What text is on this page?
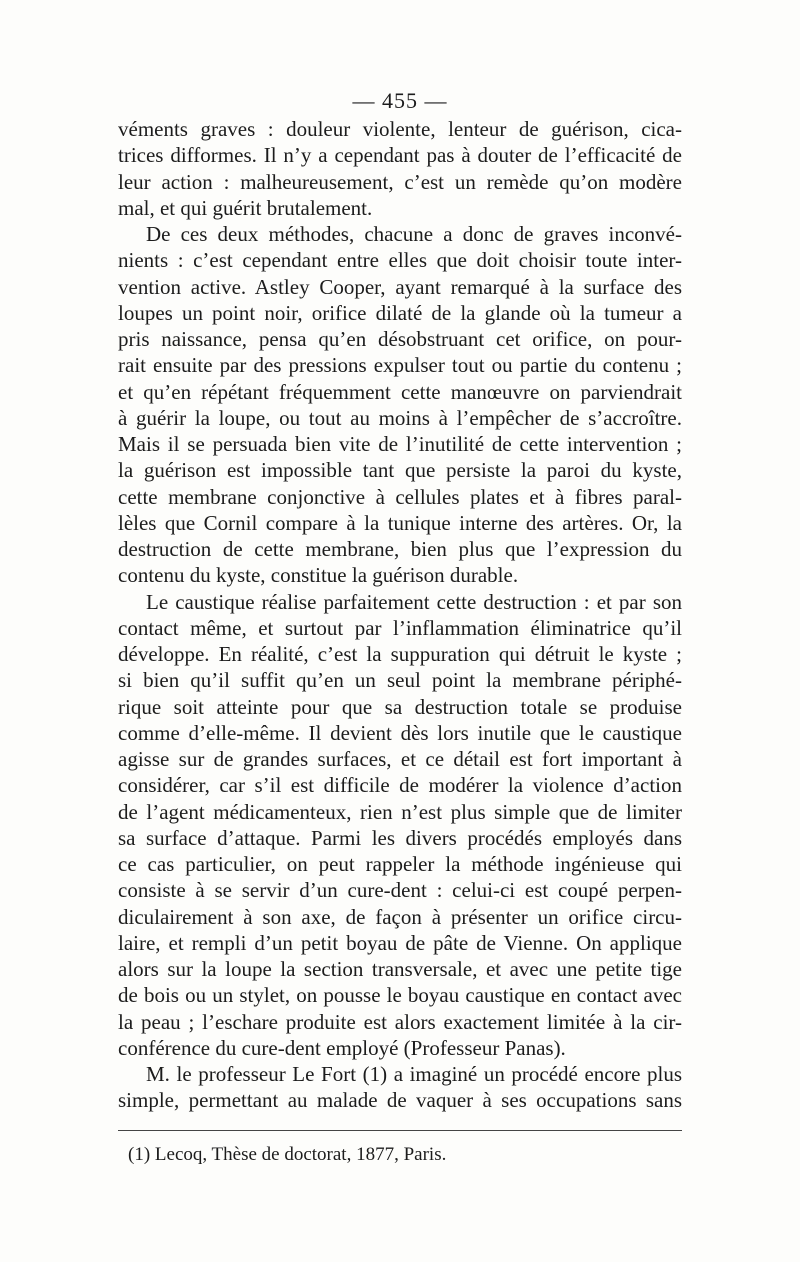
— 455 —
véments graves : douleur violente, lenteur de guérison, cica-
trices difformes. Il n’y a cependant pas à douter de l’efficacité de
leur action : malheureusement, c’est un remède qu’on modère
mal, et qui guérit brutalement.
De ces deux méthodes, chacune a donc de graves inconvé-
nients : c’est cependant entre elles que doit choisir toute inter-
vention active. Astley Cooper, ayant remarqué à la surface des
loupes un point noir, orifice dilaté de la glande où la tumeur a
pris naissance, pensa qu’en désobstruant cet orifice, on pour-
rait ensuite par des pressions expulser tout ou partie du contenu ;
et qu’en répétant fréquemment cette manœuvre on parviendrait
à guérir la loupe, ou tout au moins à l’empêcher de s’accroître.
Mais il se persuada bien vite de l’inutilité de cette intervention ;
la guérison est impossible tant que persiste la paroi du kyste,
cette membrane conjonctive à cellules plates et à fibres paral-
lèles que Cornil compare à la tunique interne des artères. Or, la
destruction de cette membrane, bien plus que l’expression du
contenu du kyste, constitue la guérison durable.
Le caustique réalise parfaitement cette destruction : et par son
contact même, et surtout par l’inflammation éliminatrice qu’il
développe. En réalité, c’est la suppuration qui détruit le kyste ;
si bien qu’il suffit qu’en un seul point la membrane périphé-
rique soit atteinte pour que sa destruction totale se produise
comme d’elle-même. Il devient dès lors inutile que le caustique
agisse sur de grandes surfaces, et ce détail est fort important à
considérer, car s’il est difficile de modérer la violence d’action
de l’agent médicamenteux, rien n’est plus simple que de limiter
sa surface d’attaque. Parmi les divers procédés employés dans
ce cas particulier, on peut rappeler la méthode ingénieuse qui
consiste à se servir d’un cure-dent : celui-ci est coupé perpen-
diculairement à son axe, de façon à présenter un orifice circu-
laire, et rempli d’un petit boyau de pâte de Vienne. On applique
alors sur la loupe la section transversale, et avec une petite tige
de bois ou un stylet, on pousse le boyau caustique en contact avec
la peau ; l’eschare produite est alors exactement limitée à la cir-
conférence du cure-dent employé (Professeur Panas).
M. le professeur Le Fort (1) a imaginé un procédé encore plus
simple, permettant au malade de vaquer à ses occupations sans
(1) Lecoq, Thèse de doctorat, 1877, Paris.
